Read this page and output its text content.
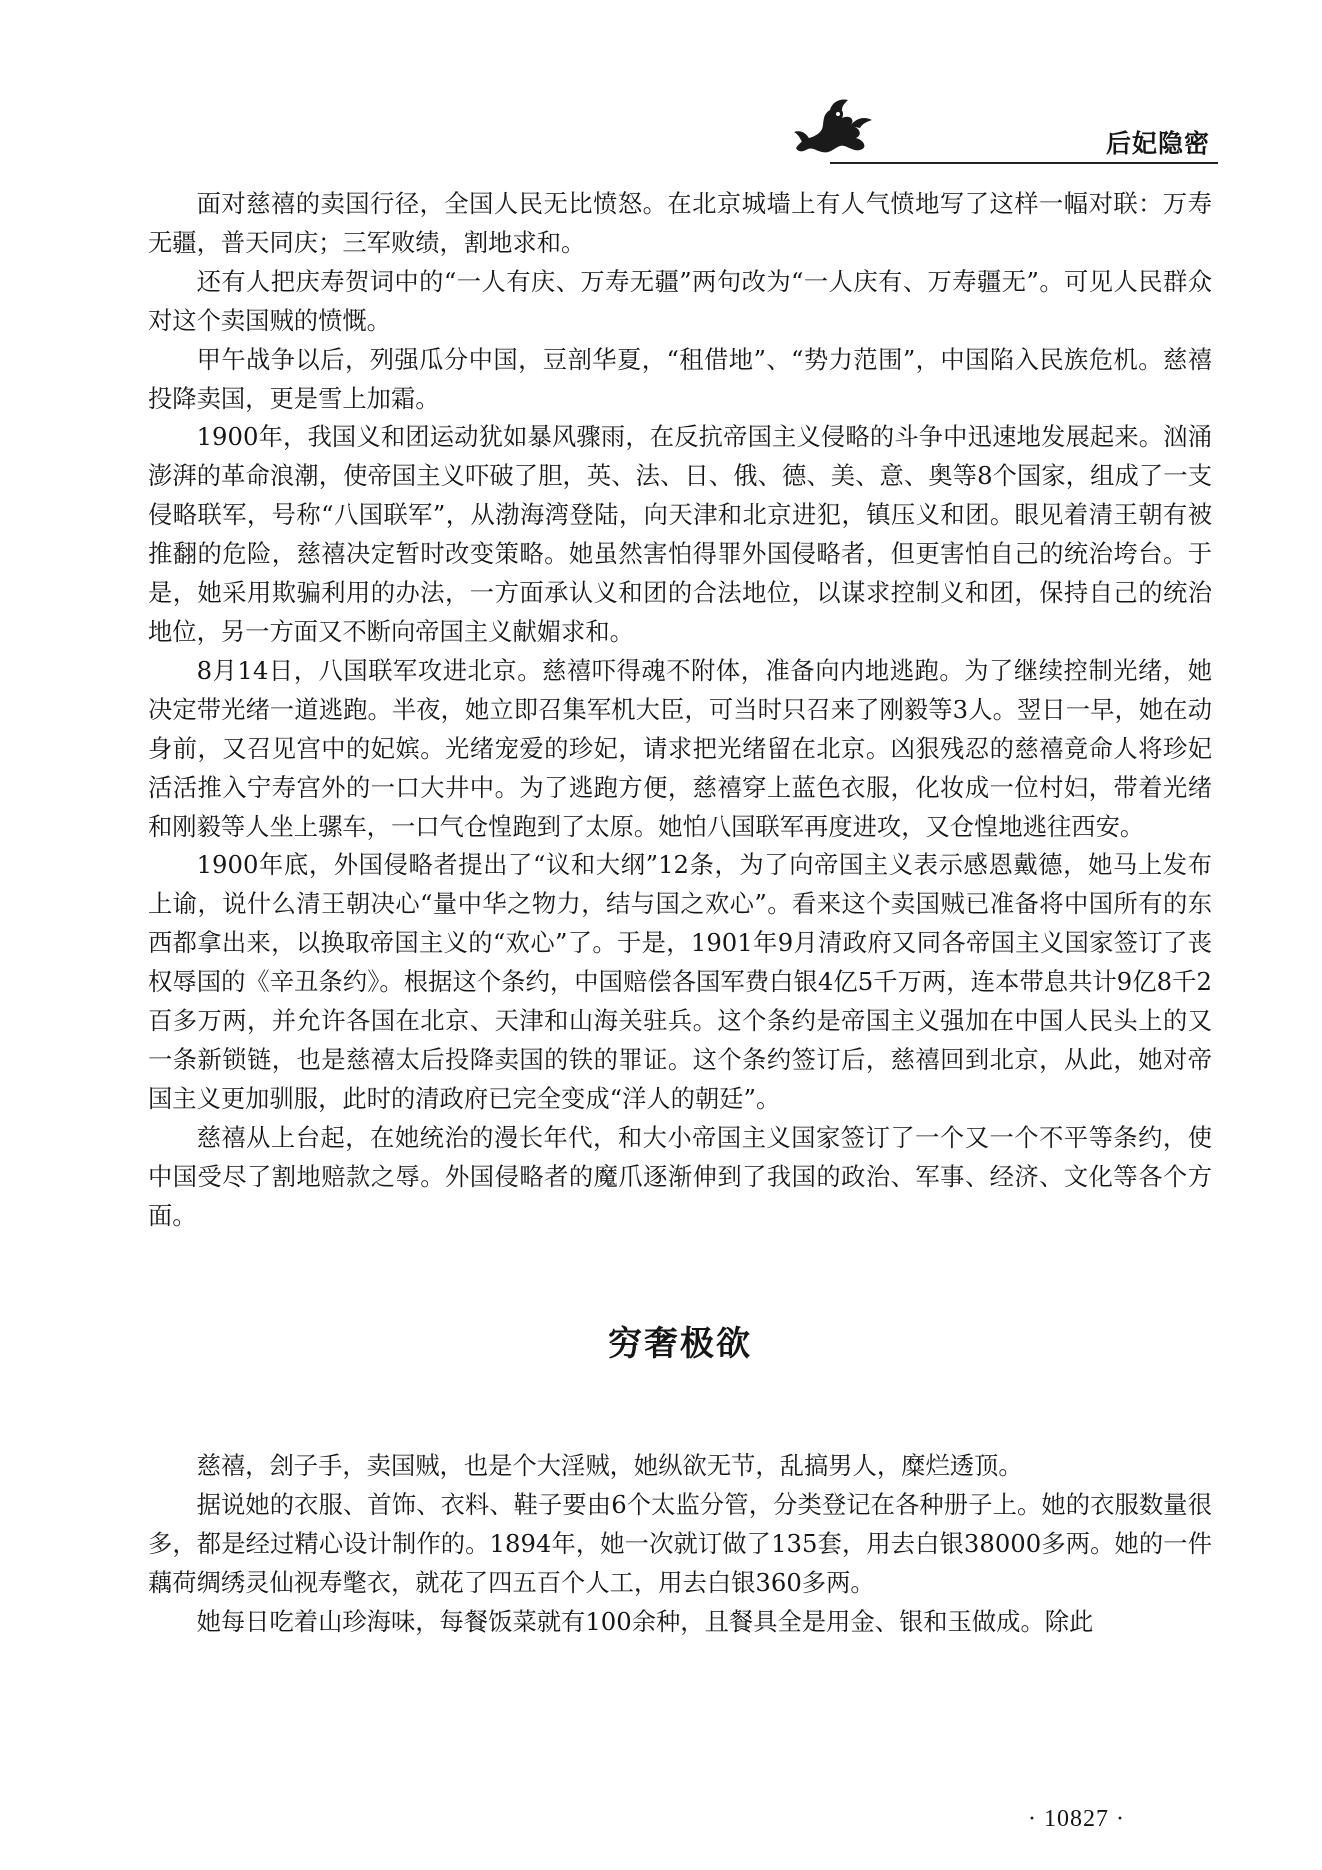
后妃隐密

面对慈禧的卖国行径，全国人民无比愤怒。在北京城墙上有人气愤地写了这样一幅对联：万寿无疆，普天同庆；三军败绩，割地求和。

还有人把庆寿贺词中的“一人有庆、万寿无疆”两句改为“一人庆有、万寿疆无”。可见人民群众对这个卖国贼的愤慨。

甲午战争以后，列强瓜分中国，豆剖华夏，“租借地”、“势力范围”，中国陷入民族危机。慈禧投降卖国，更是雪上加霜。

1900年，我国义和团运动犹如暴风骤雨，在反抗帝国主义侵略的斗争中迅速地发展起来。汹涌澎湃的革命浪潮，使帝国主义吓破了胆，英、法、日、俄、德、美、意、奥等8个国家，组成了一支侵略联军，号称“八国联军”，从渤海湾登陆，向天津和北京进犯，镇压义和团。眼见着清王朝有被推翻的危险，慈禧决定暂时改变策略。她虽然害怕得罪外国侵略者，但更害怕自己的统治垮台。于是，她采用欺骗利用的办法，一方面承认义和团的合法地位，以谋求控制义和团，保持自己的统治地位，另一方面又不断向帝国主义献媚求和。

8月14日，八国联军攻进北京。慈禧吓得魂不附体，准备向内地逃跑。为了继续控制光绪，她决定带光绪一道逃跑。半夜，她立即召集军机大臣，可当时只召来了刚毅等3人。翌日一早，她在动身前，又召见宫中的妃嫔。光绪宠爱的珍妃，请求把光绪留在北京。凶狠残忍的慈禧竟命人将珍妃活活推入宁寿宫外的一口大井中。为了逃跑方便，慈禧穿上蓝色衣服，化妆成一位村妇，带着光绪和刚毅等人坐上骡车，一口气仓惶跑到了太原。她怕八国联军再度进攻，又仓惶地逃往西安。

1900年底，外国侵略者提出了“议和大纲”12条，为了向帝国主义表示感恩戴德，她马上发布上谕，说什么清王朝决心“量中华之物力，结与国之欢心”。看来这个卖国贼已准备将中国所有的东西都拿出来，以换取帝国主义的“欢心”了。于是，1901年9月清政府又同各帝国主义国家签订了丧权辱国的《辛丑条约》。根据这个条约，中国赔偿各国军费白银4亿5千万两，连本带息共计9亿8千2百多万两，并允许各国在北京、天津和山海关驻兵。这个条约是帝国主义强加在中国人民头上的又一条新锁链，也是慈禧太后投降卖国的铁的罪证。这个条约签订后，慈禧回到北京，从此，她对帝国主义更加驯服，此时的清政府已完全变成“洋人的朝廷”。

慈禧从上台起，在她统治的漫长年代，和大小帝国主义国家签订了一个又一个不平等条约，使中国受尽了割地赔款之辱。外国侵略者的魔爪逐渐伸到了我国的政治、军事、经济、文化等各个方面。

穷奢极欲

慈禧，刽子手，卖国贼，也是个大淫贼，她纵欲无节，乱搞男人，糜烂透顶。

据说她的衣服、首饰、衣料、鞋子要由6个太监分管，分类登记在各种册子上。她的衣服数量很多，都是经过精心设计制作的。1894年，她一次就订做了135套，用去白银38000多两。她的一件藕荷绸绣灵仙视寿氅衣，就花了四五百个人工，用去白银360多两。

她每日吃着山珍海味，每餐饭菜就有100余种，且餐具全是用金、银和玉做成。除此

· 10827 ·
